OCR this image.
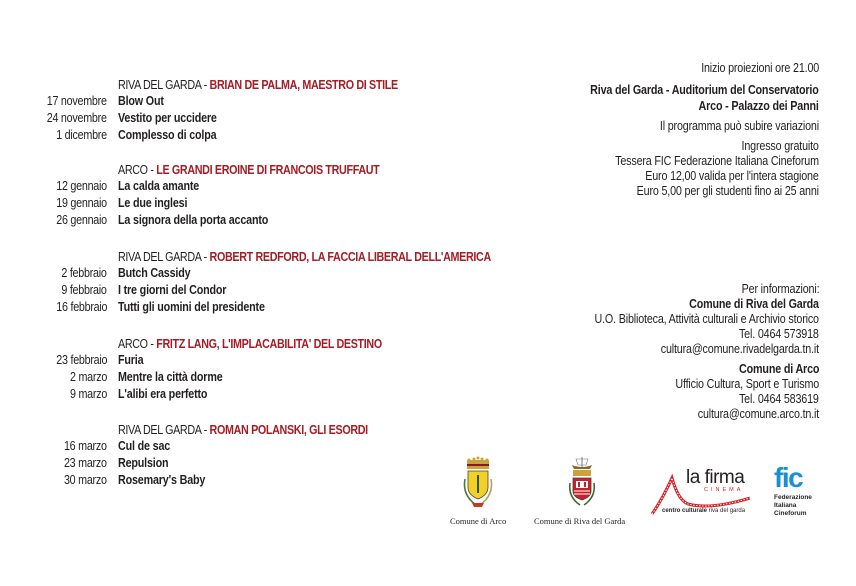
RIVA DEL GARDA - BRIAN DE PALMA, MAESTRO DI STILE
17 novembre Blow Out
24 novembre Vestito per uccidere
1 dicembre Complesso di colpa
ARCO - LE GRANDI EROINE DI FRANCOIS TRUFFAUT
12 gennaio La calda amante
19 gennaio Le due inglesi
26 gennaio La signora della porta accanto
RIVA DEL GARDA - ROBERT REDFORD, LA FACCIA LIBERAL DELL'AMERICA
2 febbraio Butch Cassidy
9 febbraio I tre giorni del Condor
16 febbraio Tutti gli uomini del presidente
ARCO - FRITZ LANG, L'IMPLACABILITA' DEL DESTINO
23 febbraio Furia
2 marzo Mentre la città dorme
9 marzo L'alibi era perfetto
RIVA DEL GARDA - ROMAN POLANSKI, GLI ESORDI
16 marzo Cul de sac
23 marzo Repulsion
30 marzo Rosemary's Baby
Inizio proiezioni ore 21.00
Riva del Garda - Auditorium del Conservatorio
Arco - Palazzo dei Panni
Il programma può subire variazioni
Ingresso gratuito
Tessera FIC Federazione Italiana Cineforum
Euro 12,00 valida per l'intera stagione
Euro 5,00 per gli studenti fino ai 25 anni
Per informazioni:
Comune di Riva del Garda
U.O. Biblioteca, Attività culturali e Archivio storico
Tel. 0464 573918
cultura@comune.rivadelgarda.tn.it
Comune di Arco
Ufficio Cultura, Sport e Turismo
Tel. 0464 583619
cultura@comune.arco.tn.it
Comune di Arco	Comune di Riva del Garda
la firma
CINEMA
centro culturale riva del garda
fic
Federazione
Italiana
Cineforum
